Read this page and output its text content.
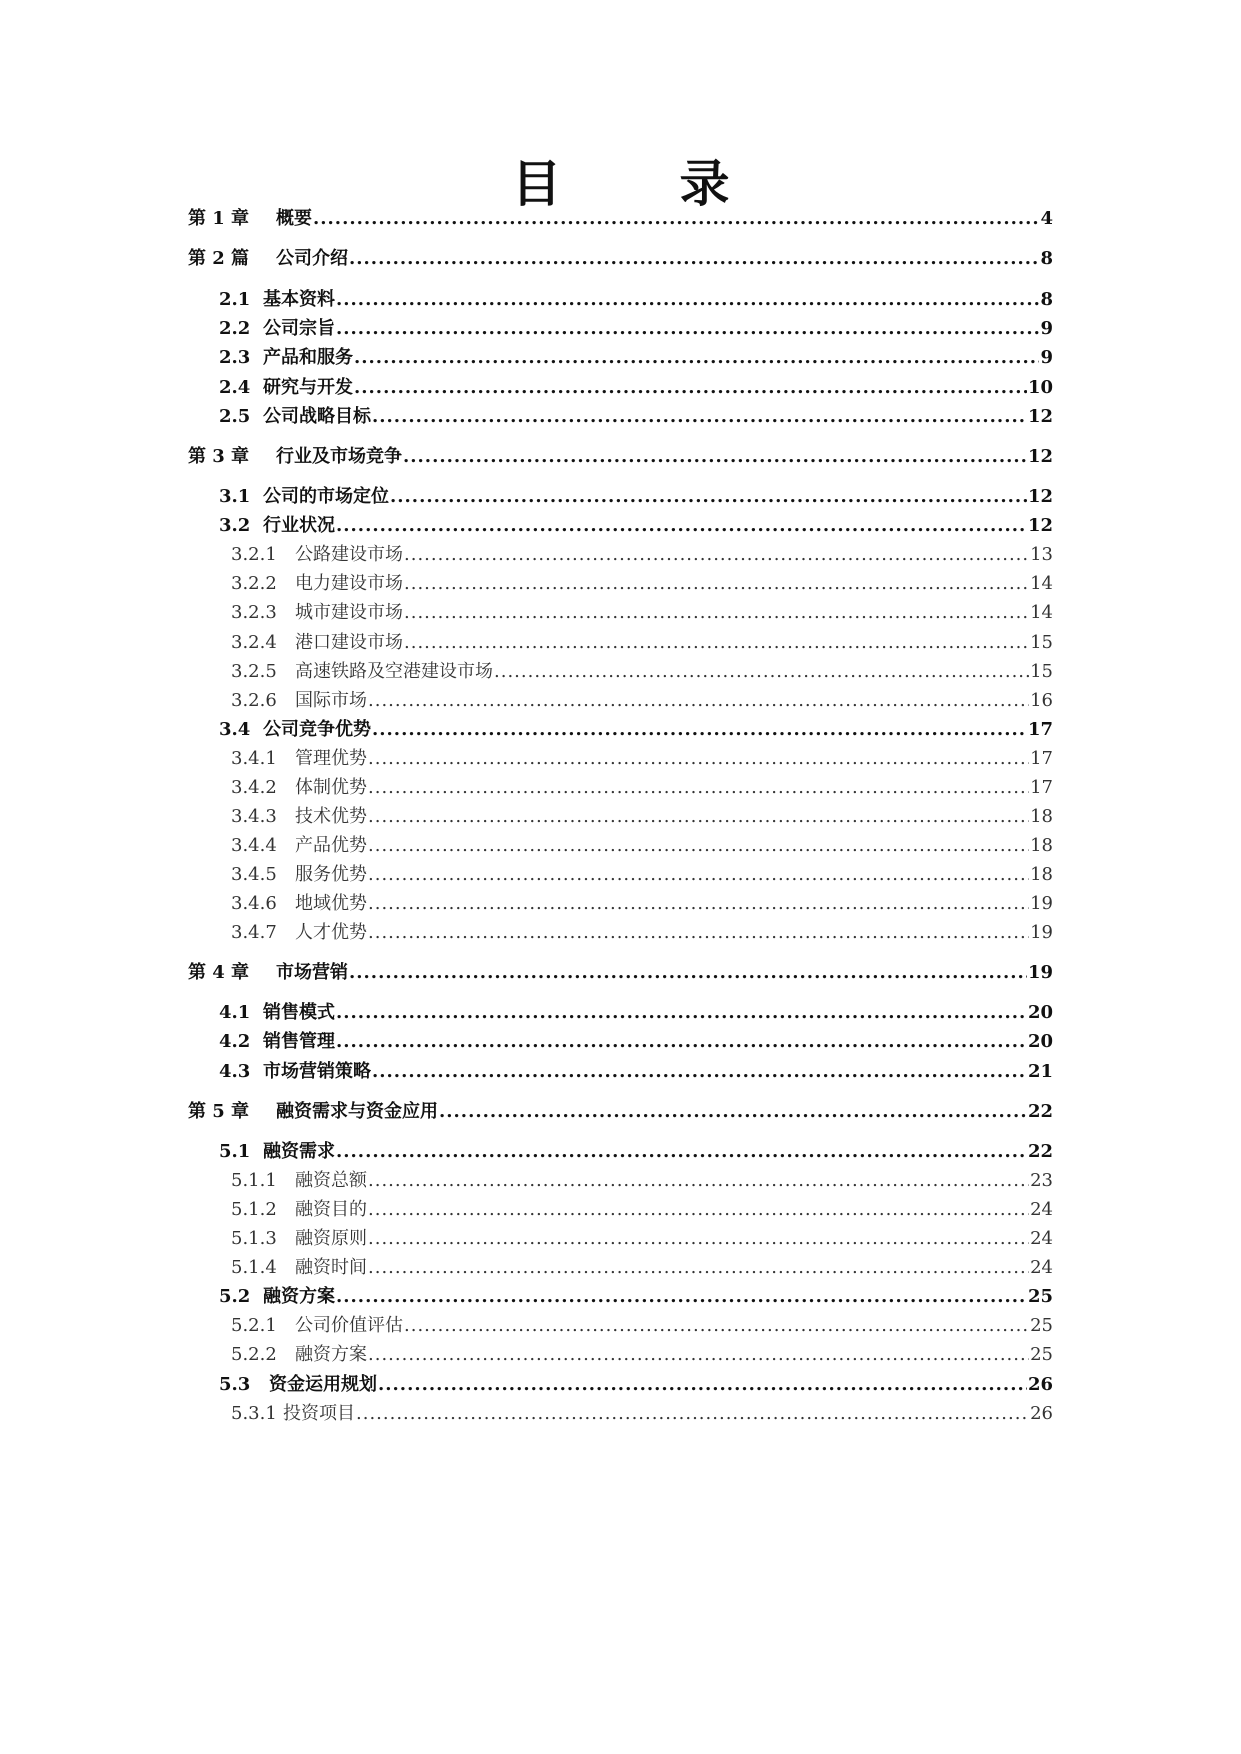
目　录
第 1 章	概要 .....	4
第 2 篇	公司介绍 .....	8
2.1 基本资料 .....	8
2.2 公司宗旨 .....	9
2.3 产品和服务 .....	9
2.4 研究与开发 .....	10
2.5 公司战略目标 .....	12
第 3 章	行业及市场竞争 .....	12
3.1 公司的市场定位 .....	12
3.2 行业状况 .....	12
3.2.1	公路建设市场 .....	13
3.2.2	电力建设市场 .....	14
3.2.3	城市建设市场 .....	14
3.2.4	港口建设市场 .....	15
3.2.5	高速铁路及空港建设市场 .....	15
3.2.6	国际市场 .....	16
3.4 公司竞争优势 .....	17
3.4.1	管理优势 .....	17
3.4.2	体制优势 .....	17
3.4.3	技术优势 .....	18
3.4.4	产品优势 .....	18
3.4.5	服务优势 .....	18
3.4.6	地域优势 .....	19
3.4.7	人才优势 .....	19
第 4 章	市场营销 .....	19
4.1 销售模式 .....	20
4.2 销售管理 .....	20
4.3 市场营销策略 .....	21
第 5 章	融资需求与资金应用 .....	22
5.1 融资需求 .....	22
5.1.1	融资总额 .....	23
5.1.2	融资目的 .....	24
5.1.3	融资原则 .....	24
5.1.4	融资时间 .....	24
5.2 融资方案 .....	25
5.2.1	公司价值评估 .....	25
5.2.2	融资方案 .....	25
5.3	资金运用规划 .....	26
5.3.1 投资项目 .....	26
